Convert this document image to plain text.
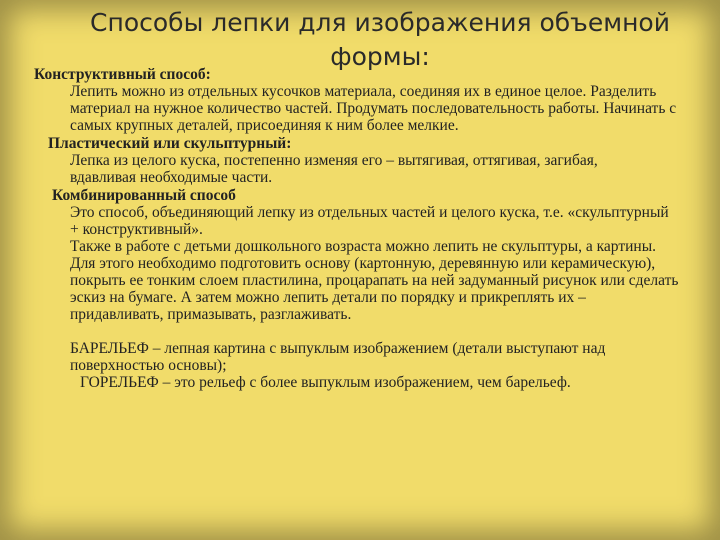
Способы лепки для изображения объемной формы:

Конструктивный способ:

Лепить можно из отдельных кусочков материала, соединяя их в единое целое. Разделить материал на нужное количество частей. Продумать последовательность работы. Начинать с самых крупных деталей, присоединяя к ним более мелкие.

Пластический или скульптурный:

Лепка из целого куска, постепенно изменяя его – вытягивая, оттягивая, загибая, вдавливая необходимые части.

Комбинированный способ

Это способ, объединяющий лепку из отдельных частей и целого куска, т.е. «скульптурный + конструктивный».

Также в работе с детьми дошкольного возраста можно лепить не скульптуры, а картины. Для этого необходимо подготовить основу (картонную, деревянную или керамическую), покрыть ее тонким слоем пластилина, процарапать на ней задуманный рисунок или сделать эскиз на бумаге. А затем можно лепить детали по порядку и прикреплять их – придавливать, примазывать, разглаживать.

БАРЕЛЬЕФ – лепная картина с выпуклым изображением (детали выступают над поверхностью основы);

ГОРЕЛЬЕФ – это рельеф с более выпуклым изображением, чем барельеф.
